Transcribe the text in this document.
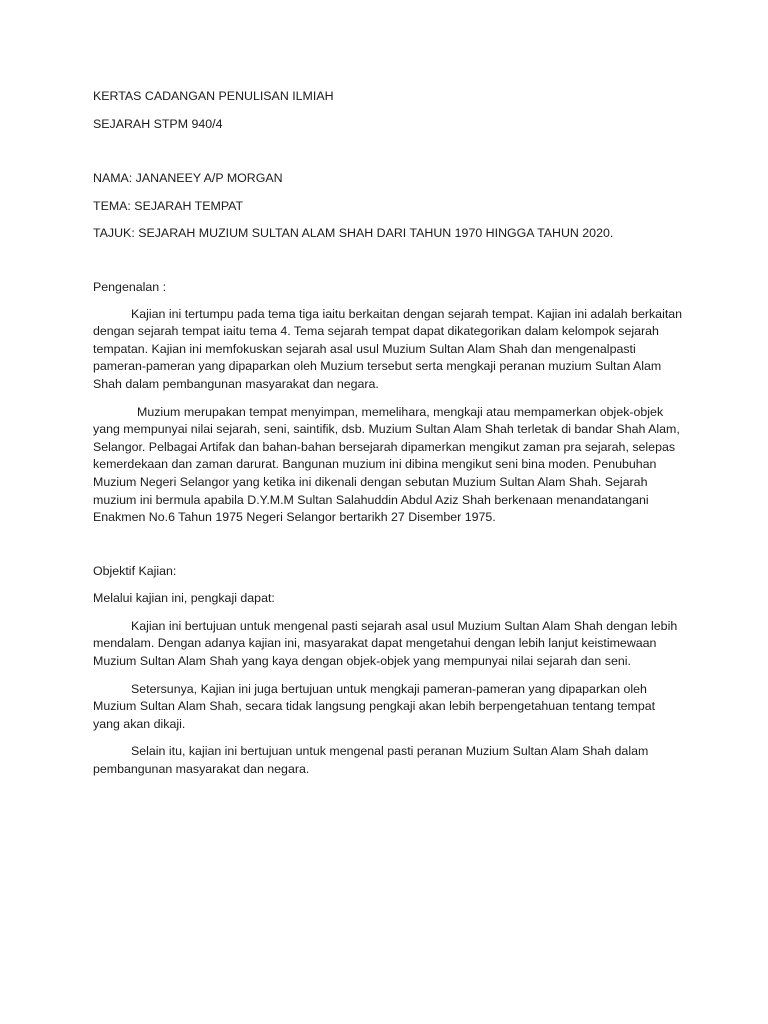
KERTAS CADANGAN PENULISAN ILMIAH

SEJARAH STPM 940/4

NAMA: JANANEEY A/P MORGAN

TEMA: SEJARAH TEMPAT

TAJUK: SEJARAH MUZIUM SULTAN ALAM SHAH DARI TAHUN 1970 HINGGA TAHUN 2020.

Pengenalan :

Kajian ini tertumpu pada tema tiga iaitu berkaitan dengan sejarah tempat. Kajian ini adalah berkaitan dengan sejarah tempat iaitu tema 4. Tema sejarah tempat dapat dikategorikan dalam kelompok sejarah tempatan. Kajian ini memfokuskan sejarah asal usul Muzium Sultan Alam Shah dan mengenalpasti pameran-pameran yang dipaparkan oleh Muzium tersebut serta mengkaji peranan muzium Sultan Alam Shah dalam pembangunan masyarakat dan negara.

Muzium merupakan tempat menyimpan, memelihara, mengkaji atau mempamerkan objek-objek yang mempunyai nilai sejarah, seni, saintifik, dsb. Muzium Sultan Alam Shah terletak di bandar Shah Alam, Selangor. Pelbagai Artifak dan bahan-bahan bersejarah dipamerkan mengikut zaman pra sejarah, selepas kemerdekaan dan zaman darurat. Bangunan muzium ini dibina mengikut seni bina moden. Penubuhan Muzium Negeri Selangor yang ketika ini dikenali dengan sebutan Muzium Sultan Alam Shah. Sejarah muzium ini bermula apabila D.Y.M.M Sultan Salahuddin Abdul Aziz Shah berkenaan menandatangani Enakmen No.6 Tahun 1975 Negeri Selangor bertarikh 27 Disember 1975.

Objektif Kajian:

Melalui kajian ini, pengkaji dapat:

Kajian ini bertujuan untuk mengenal pasti sejarah asal usul Muzium Sultan Alam Shah dengan lebih mendalam. Dengan adanya kajian ini, masyarakat dapat mengetahui dengan lebih lanjut keistimewaan Muzium Sultan Alam Shah yang kaya dengan objek-objek yang mempunyai nilai sejarah dan seni.

Setersunya, Kajian ini juga bertujuan untuk mengkaji pameran-pameran yang dipaparkan oleh Muzium Sultan Alam Shah, secara tidak langsung pengkaji akan lebih berpengetahuan tentang tempat yang akan dikaji.

Selain itu, kajian ini bertujuan untuk mengenal pasti peranan Muzium Sultan Alam Shah dalam pembangunan masyarakat dan negara.
